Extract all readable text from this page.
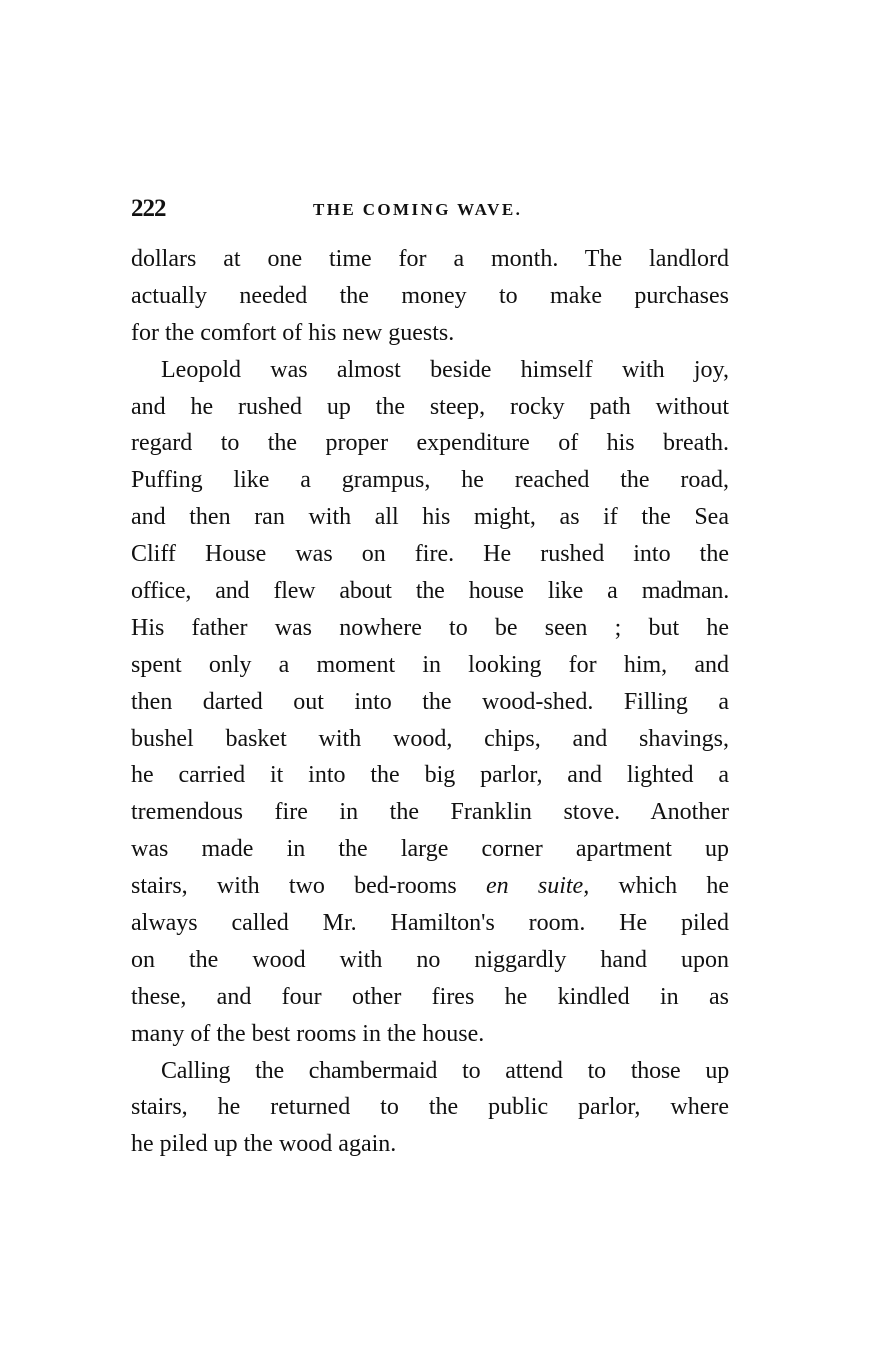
222	THE COMING WAVE.
dollars at one time for a month. The landlord
actually needed the money to make purchases
for the comfort of his new guests.
Leopold was almost beside himself with joy,
and he rushed up the steep, rocky path without
regard to the proper expenditure of his breath.
Puffing like a grampus, he reached the road,
and then ran with all his might, as if the Sea
Cliff House was on fire. He rushed into the
office, and flew about the house like a madman.
His father was nowhere to be seen ; but he
spent only a moment in looking for him, and
then darted out into the wood-shed. Filling a
bushel basket with wood, chips, and shavings,
he carried it into the big parlor, and lighted a
tremendous fire in the Franklin stove. Another
was made in the large corner apartment up
stairs, with two bed-rooms en suite, which he
always called Mr. Hamilton's room. He piled
on the wood with no niggardly hand upon
these, and four other fires he kindled in as
many of the best rooms in the house.
Calling the chambermaid to attend to those up
stairs, he returned to the public parlor, where
he piled up the wood again.
